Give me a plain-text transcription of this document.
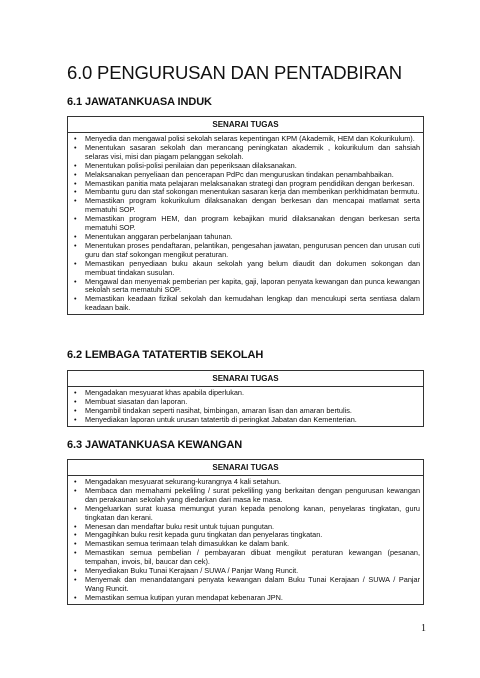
6.0 PENGURUSAN DAN PENTADBIRAN
6.1 JAWATANKUASA INDUK
SENARAI TUGAS
• Menyedia dan mengawal polisi sekolah selaras kepentingan KPM (Akademik, HEM dan Kokurikulum).
• Menentukan sasaran sekolah dan merancang peningkatan akademik , kokurikulum dan sahsiah selaras visi, misi dan piagam pelanggan sekolah.
• Menentukan polisi-polisi penilaian dan peperiksaan dilaksanakan.
• Melaksanakan penyeliaan dan pencerapan PdPc dan menguruskan tindakan penambahbaikan.
• Memastikan panitia mata pelajaran melaksanakan strategi dan program pendidikan dengan berkesan.
• Membantu guru dan staf sokongan menentukan sasaran kerja dan memberikan perkhidmatan bermutu.
• Memastikan program kokurikulum dilaksanakan dengan berkesan dan mencapai matlamat serta mematuhi SOP.
• Memastikan program HEM, dan program kebajikan murid dilaksanakan dengan berkesan serta mematuhi SOP.
• Menentukan anggaran perbelanjaan tahunan.
• Menentukan proses pendaftaran, pelantikan, pengesahan jawatan, pengurusan pencen dan urusan cuti guru dan staf sokongan mengikut peraturan.
• Memastikan penyediaan buku akaun sekolah yang belum diaudit dan dokumen sokongan dan membuat tindakan susulan.
• Mengawal dan menyemak pemberian per kapita, gaji, laporan penyata kewangan dan punca kewangan sekolah serta mematuhi SOP.
• Memastikan keadaan fizikal sekolah dan kemudahan lengkap dan mencukupi serta sentiasa dalam keadaan baik.
6.2 LEMBAGA TATATERTIB SEKOLAH
SENARAI TUGAS
• Mengadakan mesyuarat khas apabila diperlukan.
• Membuat siasatan dan laporan.
• Mengambil tindakan seperti nasihat, bimbingan, amaran lisan dan amaran bertulis.
• Menyediakan laporan untuk urusan tatatertib di peringkat Jabatan dan Kementerian.
6.3 JAWATANKUASA KEWANGAN
SENARAI TUGAS
• Mengadakan mesyuarat sekurang-kurangnya 4 kali setahun.
• Membaca dan memahami pekeliling / surat pekeliling yang berkaitan dengan pengurusan kewangan dan perakaunan sekolah yang diedarkan dari masa ke masa.
• Mengeluarkan surat kuasa memungut yuran kepada penolong kanan, penyelaras tingkatan, guru tingkatan dan kerani.
• Menesan dan mendaftar buku resit untuk tujuan pungutan.
• Mengagihkan buku resit kepada guru tingkatan dan penyelaras tingkatan.
• Memastikan semua terimaan telah dimasukkan ke dalam bank.
• Memastikan semua pembelian / pembayaran dibuat mengikut peraturan kewangan (pesanan, tempahan, invois, bil, baucar dan cek).
• Menyediakan Buku Tunai Kerajaan / SUWA / Panjar Wang Runcit.
• Menyemak dan menandatangani penyata kewangan dalam Buku Tunai Kerajaan / SUWA / Panjar Wang Runcit.
• Memastikan semua kutipan yuran mendapat kebenaran JPN.
1
